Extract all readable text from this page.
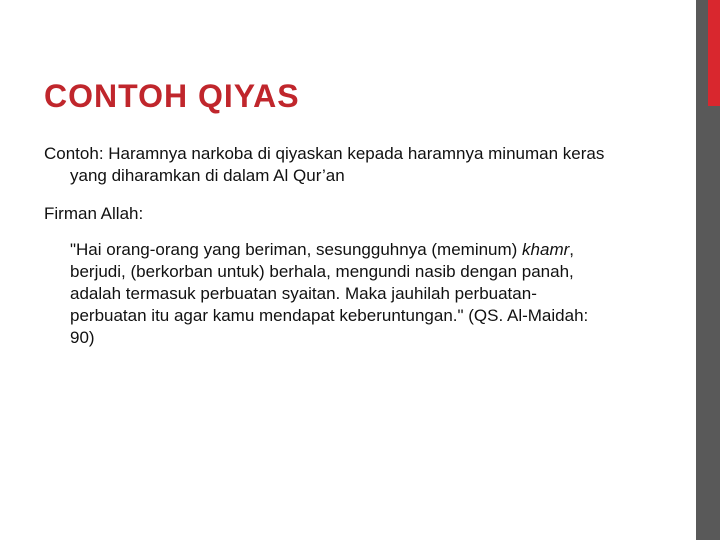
CONTOH QIYAS

Contoh: Haramnya narkoba di qiyaskan kepada haramnya minuman keras yang diharamkan di dalam Al Qur’an

Firman Allah:

"Hai orang-orang yang beriman, sesungguhnya (meminum) khamr, berjudi, (berkorban untuk) berhala, mengundi nasib dengan panah, adalah termasuk perbuatan syaitan. Maka jauhilah perbuatan-perbuatan itu agar kamu mendapat keberuntungan." (QS. Al-Maidah: 90)
